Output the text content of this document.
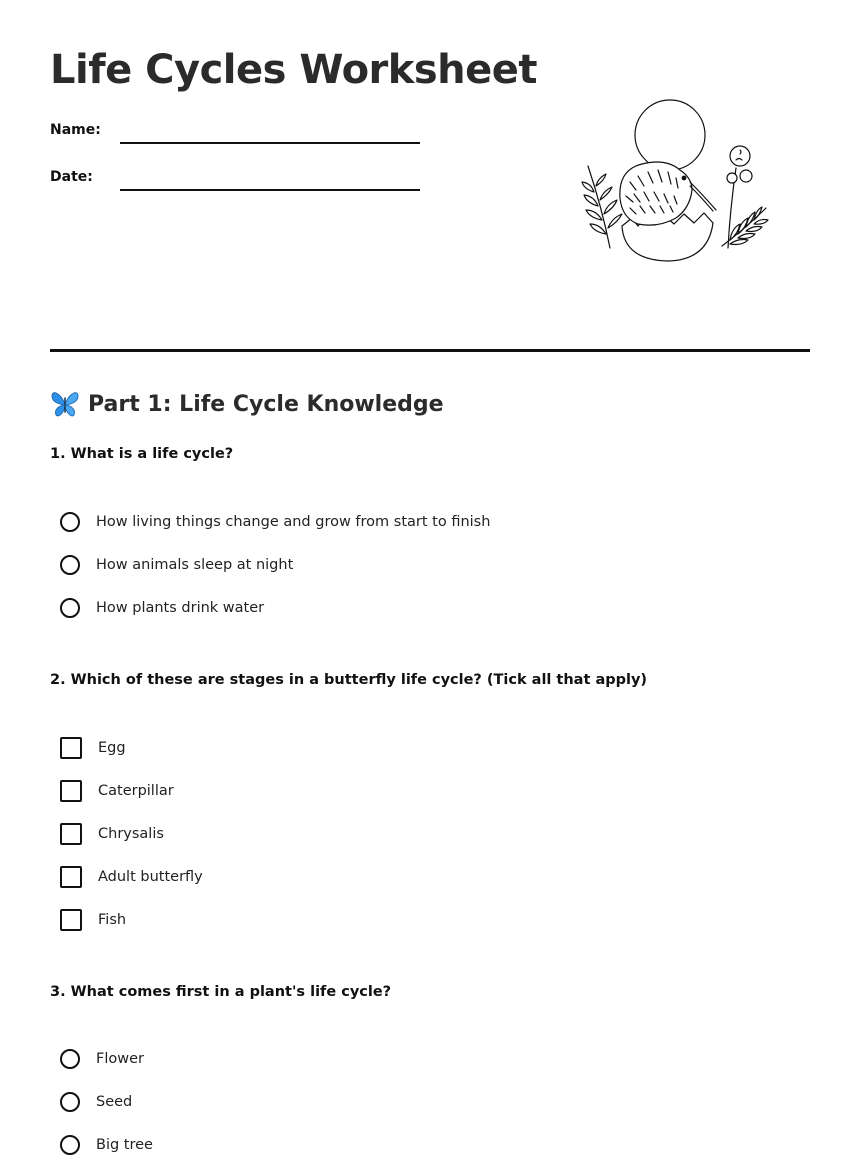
Life Cycles Worksheet
Name:
Date:
Part 1: Life Cycle Knowledge

1. What is a life cycle?

How living things change and grow from start to finish
How animals sleep at night
How plants drink water

2. Which of these are stages in a butterfly life cycle? (Tick all that apply)

Egg
Caterpillar
Chrysalis
Adult butterfly
Fish

3. What comes first in a plant's life cycle?

Flower
Seed
Big tree
